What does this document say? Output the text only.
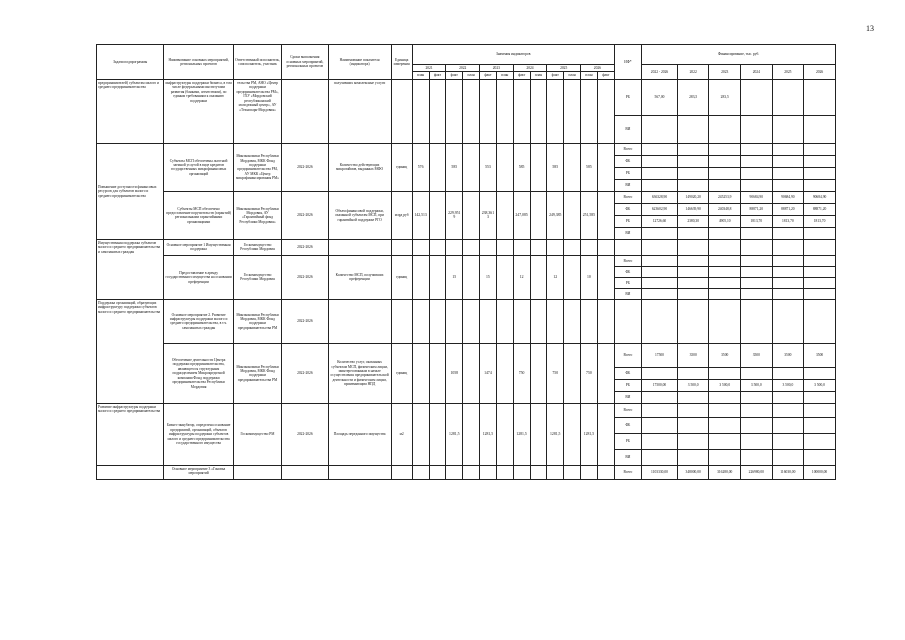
13
Задачи подпрограммы	Наименование основных мероприятий, региональных проектов	Ответственный исполнитель, соисполнитель, участник	Сроки выполнения основных мероприятий, региональных проектов	Наименование показателя (индикатора)	Единица измерения	Значения индикаторов												ИФ*	Финансирование, тыс. руб.					
						2021		2022		2023		2024		2025		2026			2022 - 2026	2022	2023	2024	2025	2026
						план	факт	факт	план	факт	план	факт	план	факт	план	план	факт							
предпринимателей) субъектам малого и среднего предпринимательства	инфраструктуры поддержки бизнеса, в том числе федеральными институтами развития (банками, агентствами), по единым требованиям к оказанию поддержки	тельства РМ, АНО «Центр поддержки предпринимательства РМ», ГБУ «Мордовский республиканский молодежный центр», АУ «Технопарк-Мордовия»		получивших комплексные услуги														РБ	567,00	283,5	283,5			
																		ВИ						
Повышение доступности финансовых ресурсов для субъектов малого и среднего предпринимательства	Субъекты МСП обеспечены льготной заемной услугой в виде кредитов государственных микрофинансовых организаций	Минэкономики Республики Мордовия, МКК Фонд поддержки предпринимательства РМ, АУ МКК «Центр микрофинансирования РМ»	2022-2026	Количество действующих микрозаймов, выданных МФО	единиц	576		585		553		585		585		585		Всего						
																		ФБ						
																		РБ						
																		ВИ						
	Субъекты МСП обеспечено предоставление поручительств (гарантий) региональными гарантийными организациями	Минэкономики Республики Мордовия, АУ «Гарантийный фонд Республики Мордовия»	2022-2026	Объем финансовой поддержки, оказанной субъектам МСП, при гарантийной поддержке РГО	млрд руб	142,513		229,9519		238,3613		247,085		249,385		251,585		Всего	636328,90	149020,20	245253,9	90684,90	90684,90	90684,90
																		ФБ	623602,90	146639,90	240348,8	88871,20	88871,20	88871,20
																		РБ	12726,60	2380,30	4905,10	1813,70	1813,70	1813,70
																		ВИ						
Имущественная поддержка субъектов малого и среднего предпринимательства и самозанятых граждан	Основное мероприятие 1 Имущественная поддержка	Госкомимущество Республики Мордовия	2022-2026																					
	Предоставление в аренду государственного имущества на основании преференции	Госкомимущество Республики Мордовия	2022-2026	Количество МСП, получивших преференции	единиц			15		15		12		12		10		Всего						
																		ФБ						
																		РБ						
																		ВИ						
Поддержка организаций, образующих инфраструктуру поддержки субъектов малого и среднего предпринимательства	Основное мероприятие 2. Развитие инфраструктуры поддержки малого и среднего предпринимательства, в т.ч. самозанятых граждан	Минэкономики Республики Мордовия, МКК Фонд поддержки предпринимательства РМ	2022-2026																					
	Обеспечение деятельности Центра поддержки предпринимательства, являющегося структурным подразделением Микрокредитной компании Фонд поддержки предпринимательства Республики Мордовия	Минэкономики Республики Мордовия, МКК Фонд поддержки предпринимательства РМ	2022-2026	Количество услуг, оказанных субъектам МСП, физическим лицам, заинтересованным в начале осуществления предпринимательской деятельности и физическим лицам, применяющим НПД	единиц			1058		1474		750		750		750		Всего	17500	3500	3500	3500	3500	3500
																		ФБ						
																		РБ	17500,00	3 500,0	3 500,0	3 500,0	3 500,0	3 500,0
																		ВИ						
Развитие инфраструктуры поддержки малого и среднего предпринимательства	Бизнес-инкубатор, определена основание предприятий, организаций, объектов инфраструктуры поддержки субъектов малого и среднего предпринимательства государственного имущества	Госкомимущество РМ	2022-2026	Площадь переданного имущества	м2			1281,5		1281,5		1281,5		1281,5		1281,5		Всего						
																		ФБ						
																		РБ						
																		ВИ						
	Основное мероприятие 3 «Гоновка мероприятий																	Всего	1103330,00	348000,00	316280,00	226980,00	116030,00	100000,00
